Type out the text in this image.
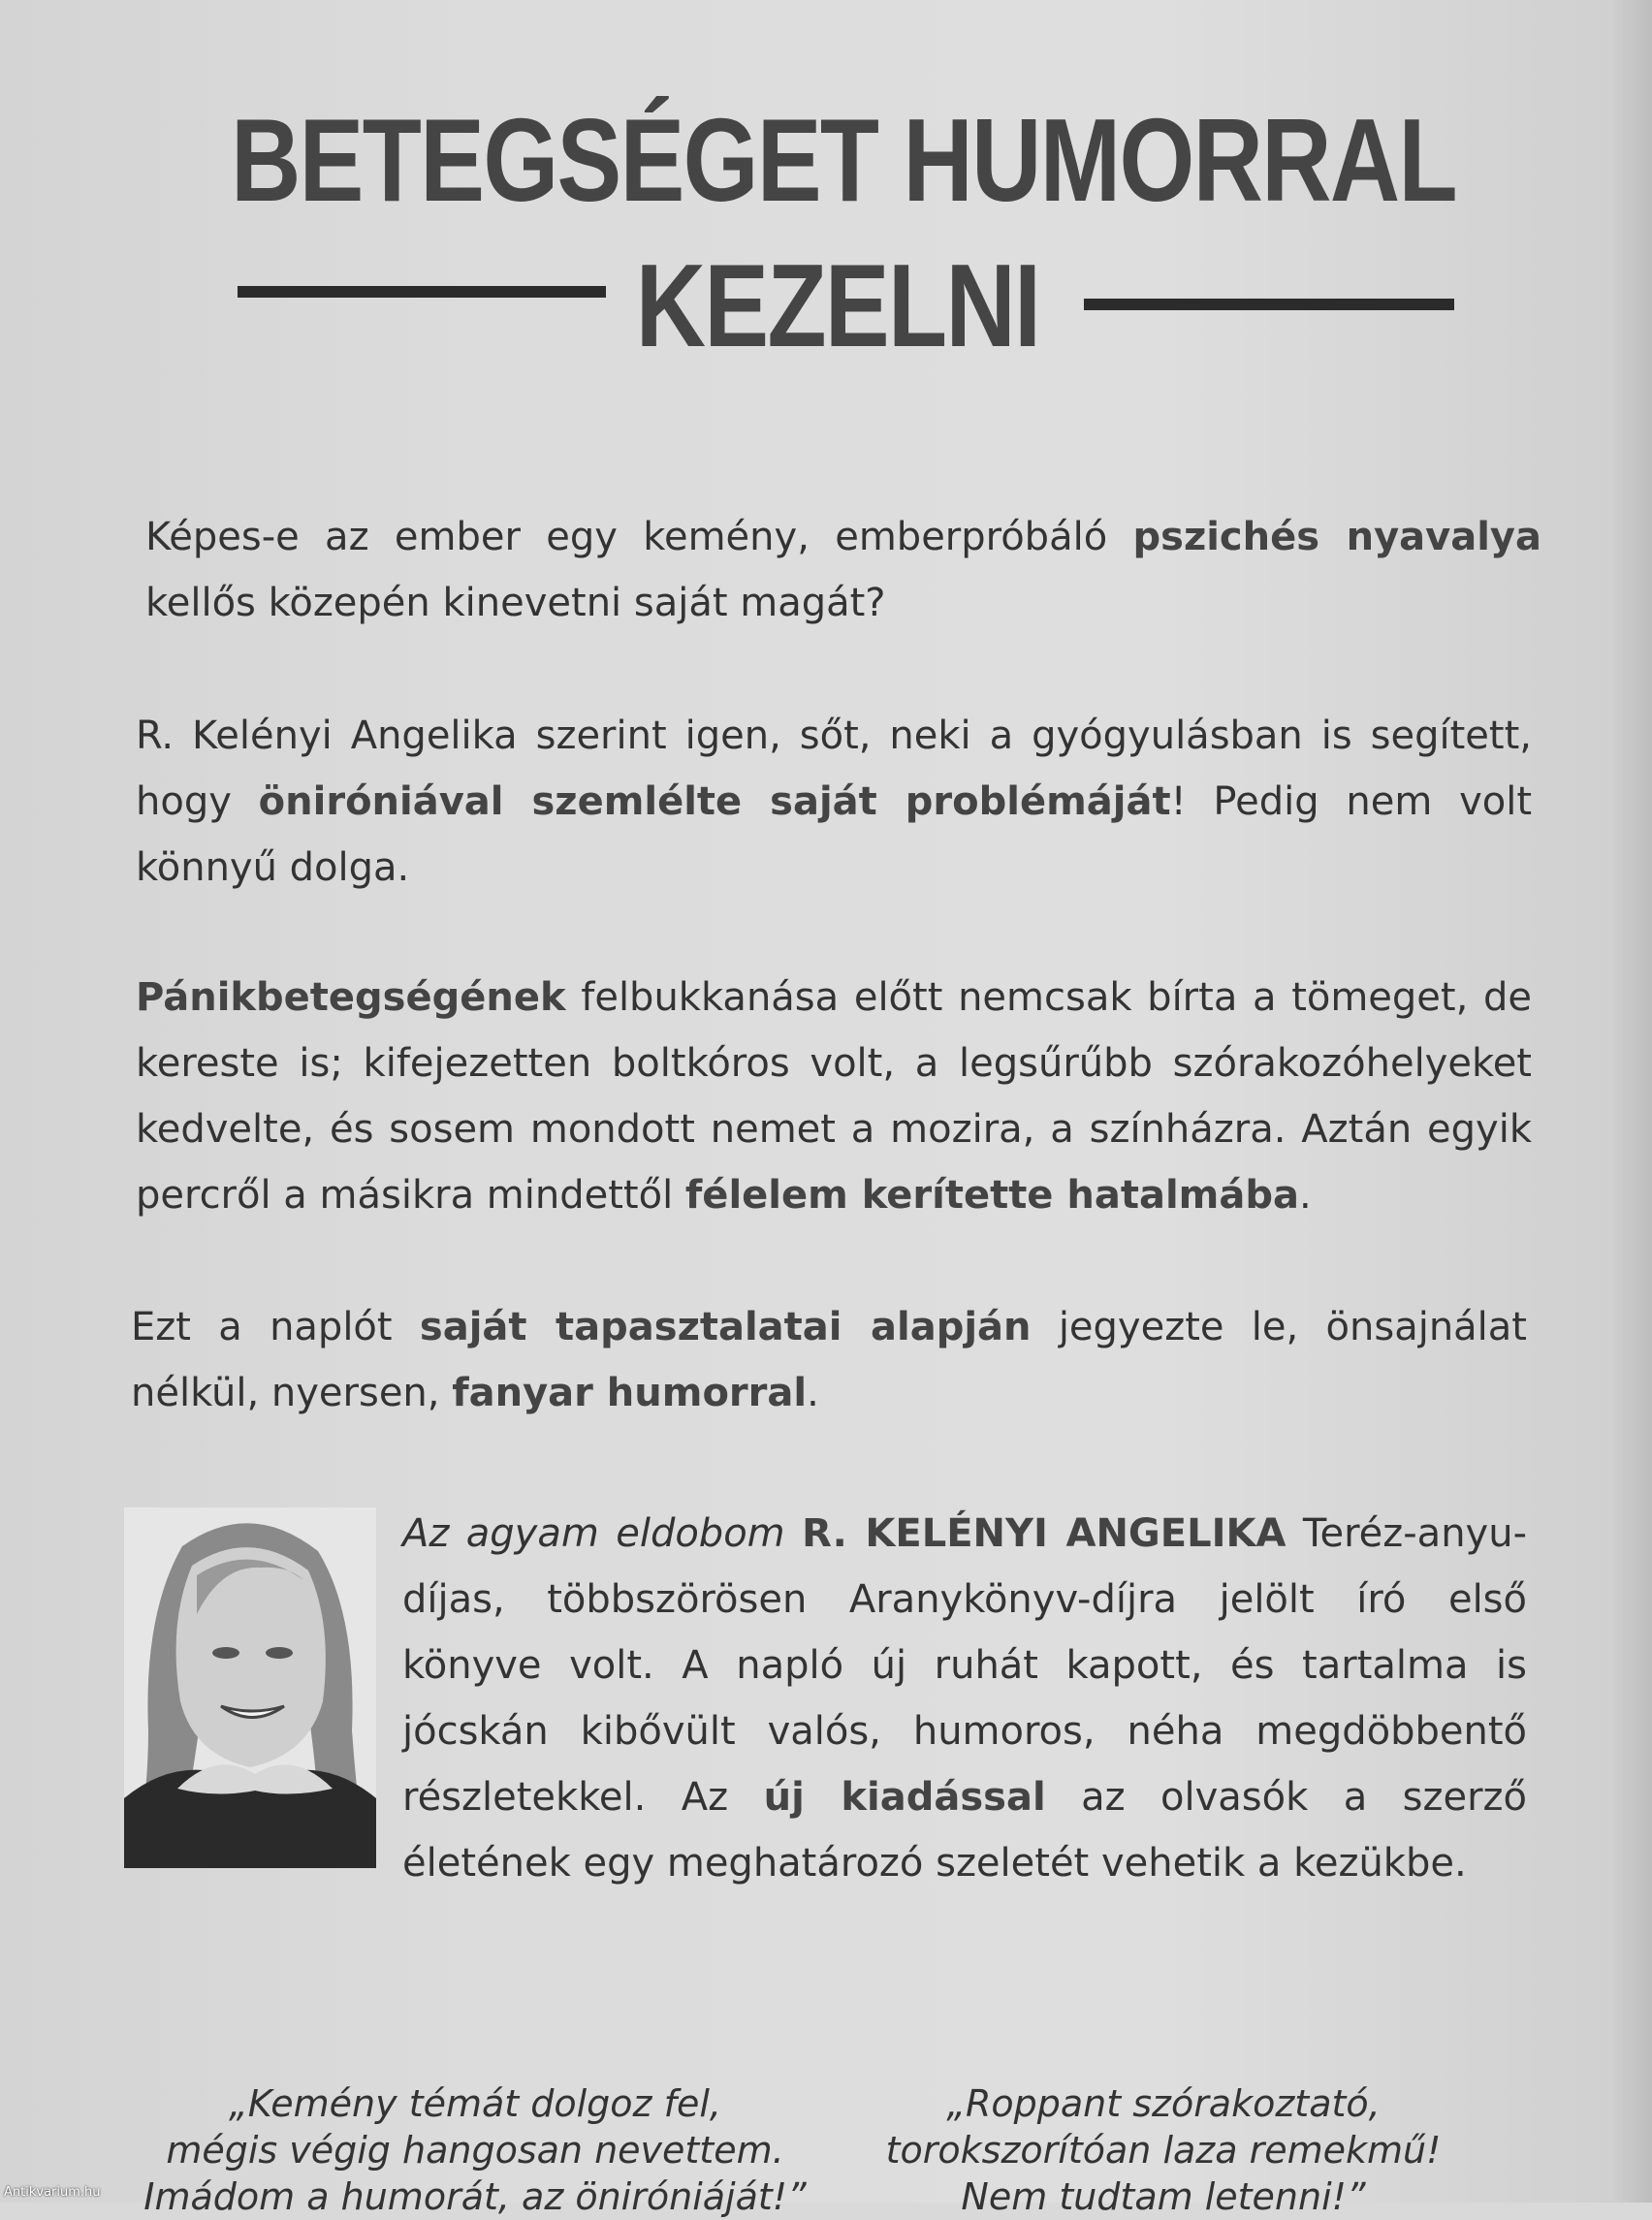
BETEGSÉGET HUMORRAL
KEZELNI
Képes-e az ember egy kemény, emberpróbáló pszichés nyavalya kellős közepén kinevetni saját magát?
R. Kelényi Angelika szerint igen, sőt, neki a gyógyulásban is segített, hogy öniróniával szemlélte saját problémáját! Pedig nem volt könnyű dolga.
Pánikbetegségének felbukkanása előtt nemcsak bírta a tömeget, de kereste is; kifejezetten boltkóros volt, a legsűrűbb szórakozóhelyeket kedvelte, és sosem mondott nemet a mozira, a színházra. Aztán egyik percről a másikra mindettől félelem kerítette hatalmába.
Ezt a naplót saját tapasztalatai alapján jegyezte le, önsajnálat nélkül, nyersen, fanyar humorral.
Az agyam eldobom R. KELÉNYI ANGELIKA Teréz-anyu-díjas, többszörösen Aranykönyv-díjra jelölt író első könyve volt. A napló új ruhát kapott, és tartalma is jócskán kibővült valós, humoros, néha megdöbbentő részletekkel. Az új kiadással az olvasók a szerző életének egy meghatározó szeletét vehetik a kezükbe.
„Kemény témát dolgoz fel,
mégis végig hangosan nevettem.
Imádom a humorát, az öniróniáját!”
„Roppant szórakoztató,
torokszorítóan laza remekmű!
Nem tudtam letenni!”
Antikvarium.hu
